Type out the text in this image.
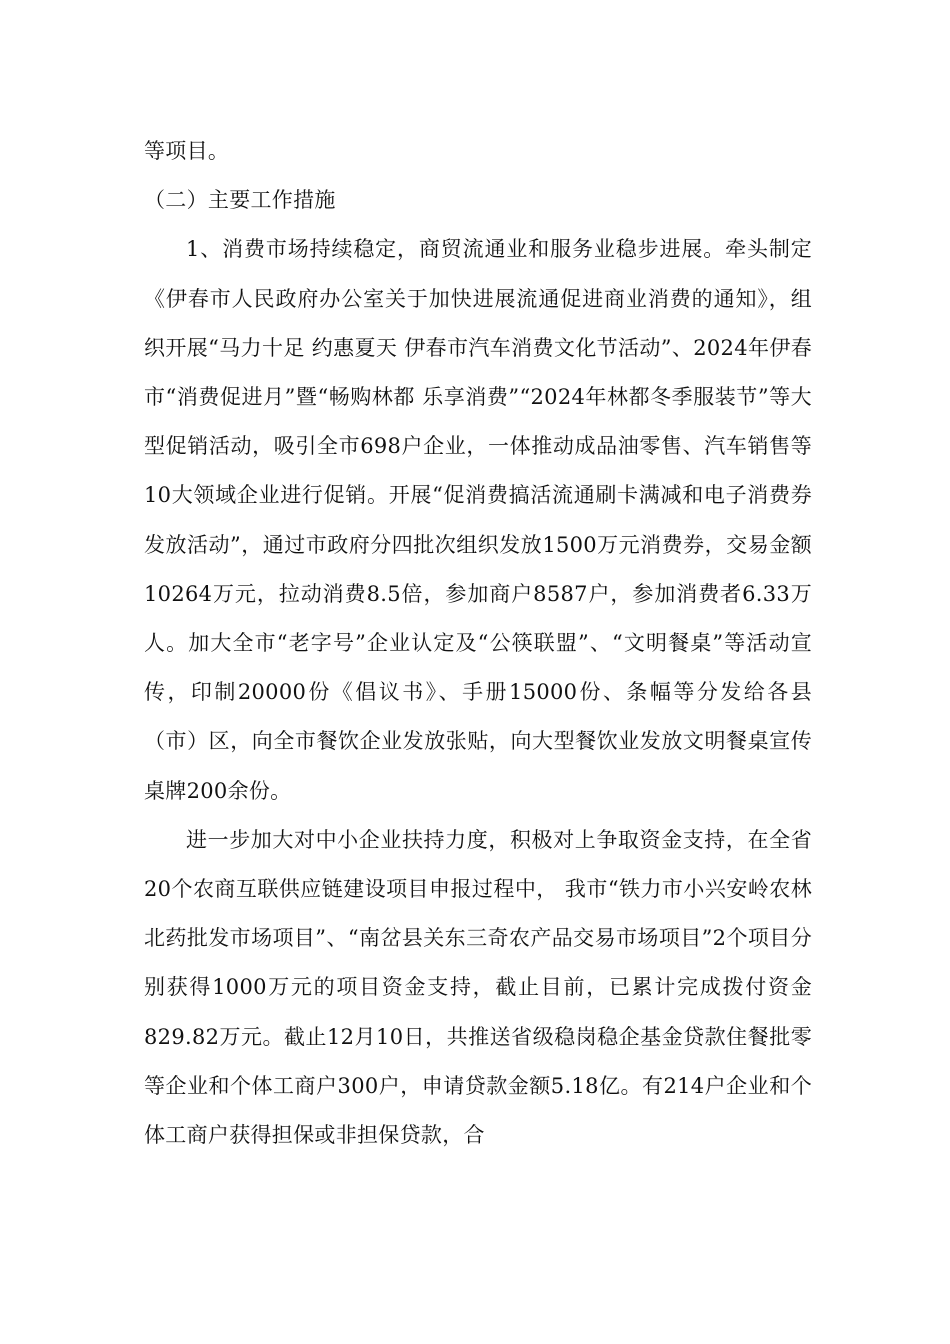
等项目。

（二）主要工作措施

1、消费市场持续稳定，商贸流通业和服务业稳步进展。牵头制定《伊春市人民政府办公室关于加快进展流通促进商业消费的通知》，组织开展“马力十足 约惠夏天 伊春市汽车消费文化节活动”、2024年伊春市“消费促进月”暨“畅购林都 乐享消费”“2024年林都冬季服装节”等大型促销活动，吸引全市698户企业，一体推动成品油零售、汽车销售等10大领域企业进行促销。开展“促消费搞活流通刷卡满减和电子消费券发放活动”，通过市政府分四批次组织发放1500万元消费券，交易金额10264万元，拉动消费8.5倍，参加商户8587户，参加消费者6.33万人。加大全市“老字号”企业认定及“公筷联盟”、“文明餐桌”等活动宣传，印制20000份《倡议书》、手册15000份、条幅等分发给各县（市）区，向全市餐饮企业发放张贴，向大型餐饮业发放文明餐桌宣传桌牌200余份。

进一步加大对中小企业扶持力度，积极对上争取资金支持，在全省20个农商互联供应链建设项目申报过程中， 我市“铁力市小兴安岭农林北药批发市场项目”、“南岔县关东三奇农产品交易市场项目”2个项目分别获得1000万元的项目资金支持，截止目前，已累计完成拨付资金829.82万元。截止12月10日，共推送省级稳岗稳企基金贷款住餐批零等企业和个体工商户300户，申请贷款金额5.18亿。有214户企业和个体工商户获得担保或非担保贷款，合
